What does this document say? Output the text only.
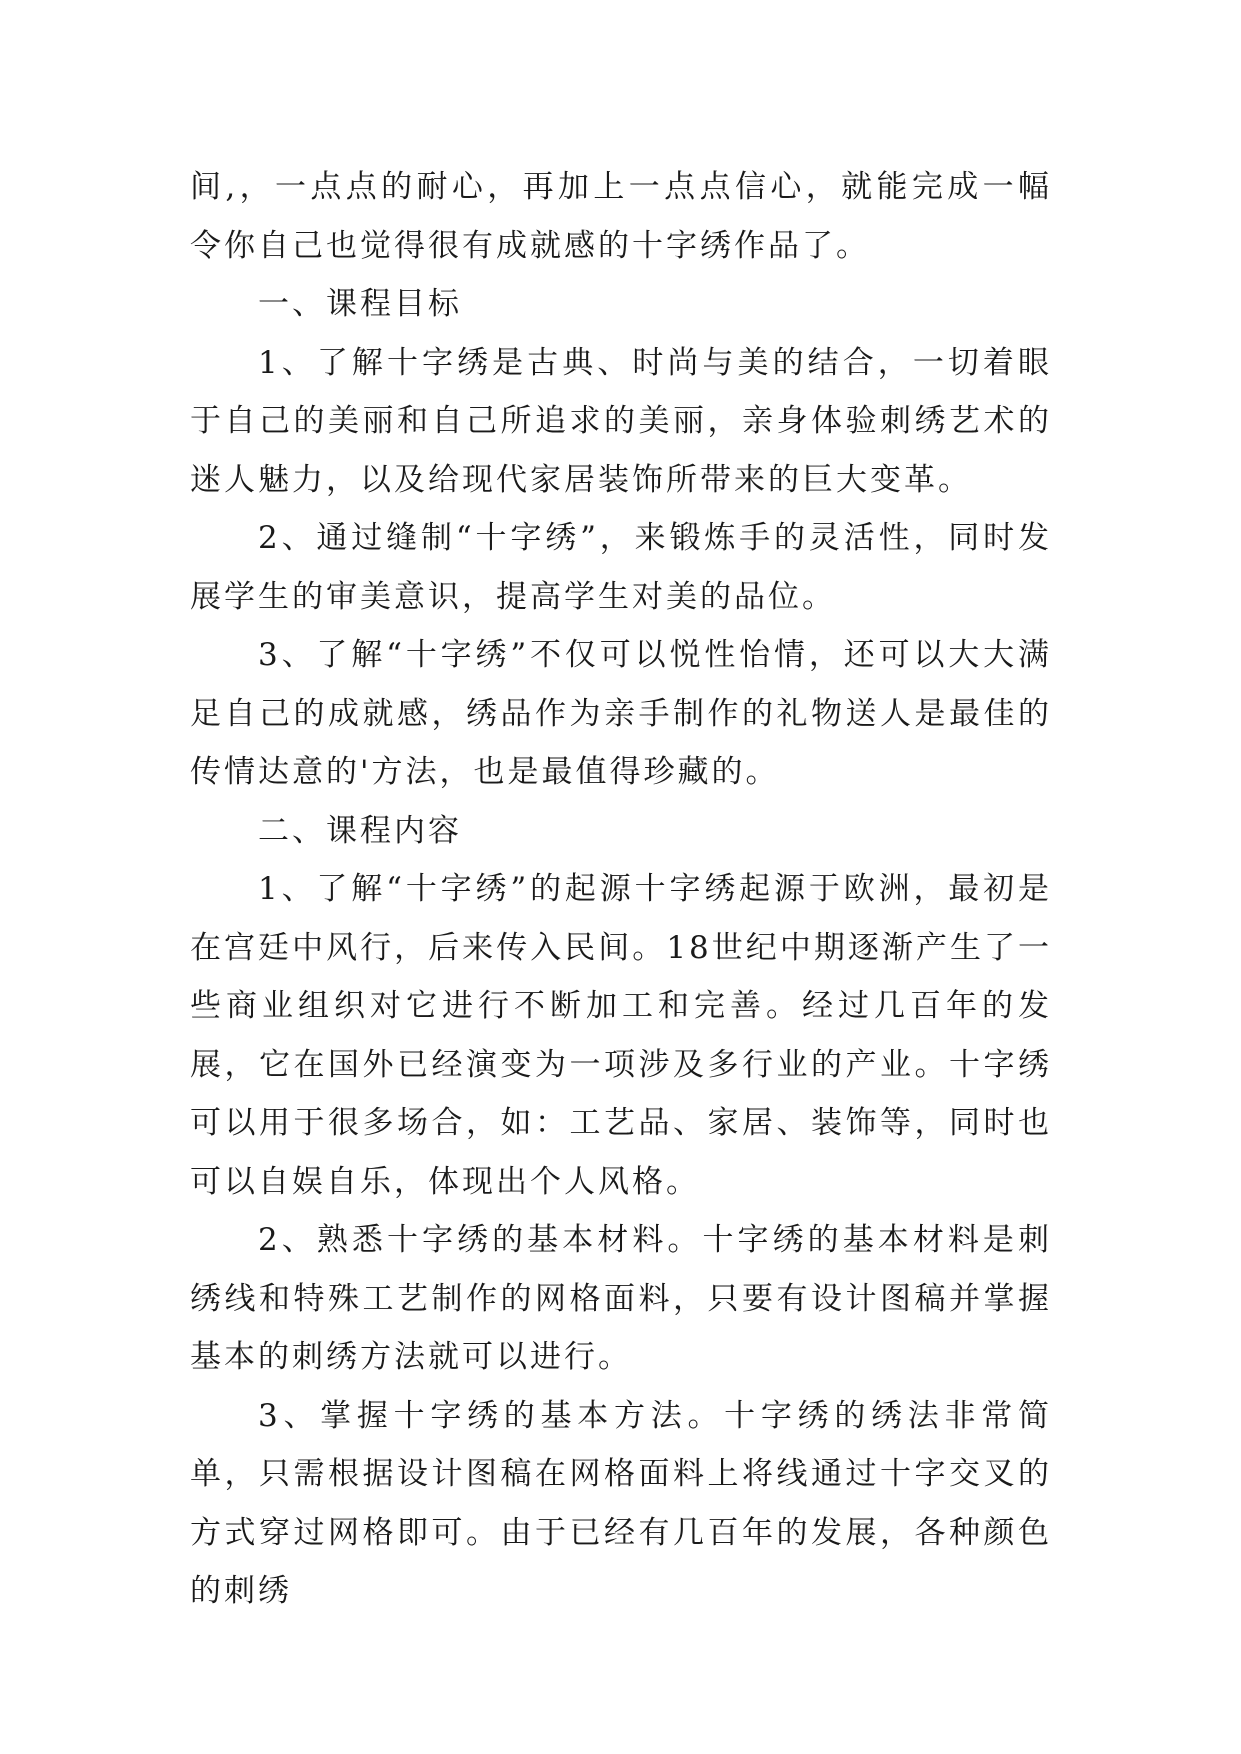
间,，一点点的耐心，再加上一点点信心，就能完成一幅令你自己也觉得很有成就感的十字绣作品了。

一、课程目标

1、了解十字绣是古典、时尚与美的结合，一切着眼于自己的美丽和自己所追求的美丽，亲身体验刺绣艺术的迷人魅力，以及给现代家居装饰所带来的巨大变革。

2、通过缝制“十字绣”，来锻炼手的灵活性，同时发展学生的审美意识，提高学生对美的品位。

3、了解“十字绣”不仅可以悦性怡情，还可以大大满足自己的成就感，绣品作为亲手制作的礼物送人是最佳的传情达意的'方法，也是最值得珍藏的。

二、课程内容

1、了解“十字绣”的起源十字绣起源于欧洲，最初是在宫廷中风行，后来传入民间。18世纪中期逐渐产生了一些商业组织对它进行不断加工和完善。经过几百年的发展，它在国外已经演变为一项涉及多行业的产业。十字绣可以用于很多场合，如：工艺品、家居、装饰等，同时也可以自娱自乐，体现出个人风格。

2、熟悉十字绣的基本材料。十字绣的基本材料是刺绣线和特殊工艺制作的网格面料，只要有设计图稿并掌握基本的刺绣方法就可以进行。

3、掌握十字绣的基本方法。十字绣的绣法非常简单，只需根据设计图稿在网格面料上将线通过十字交叉的方式穿过网格即可。由于已经有几百年的发展，各种颜色的刺绣
